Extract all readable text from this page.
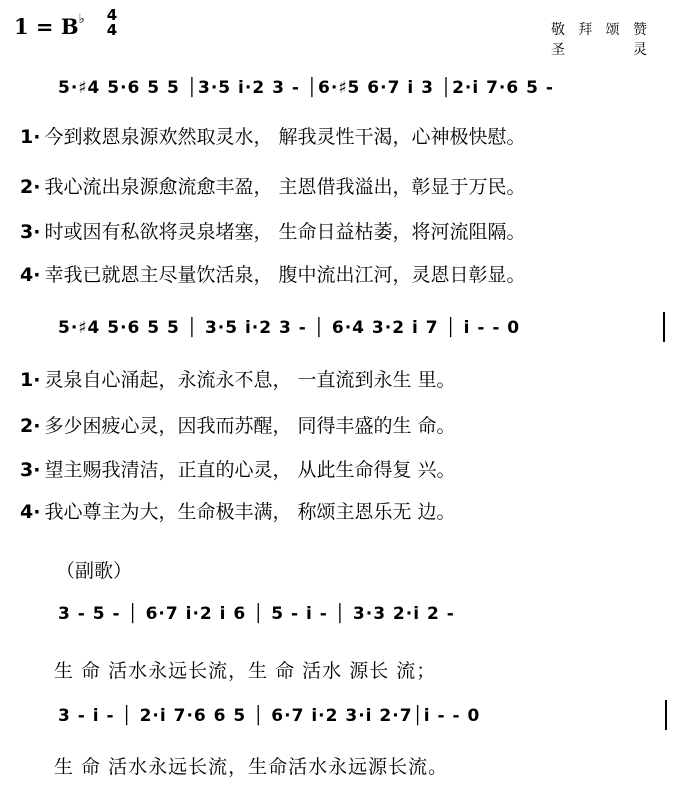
1 = B♭ 4
4	敬拜颂赞
圣 灵
5·♯4 5·6 5 5 │3·5 i·2 3 - │6·♯5 6·7 i 3 │2·i 7·6 5 -
1· 今到救恩泉源欢然取灵水， 解我灵性干渴，心神极快慰。
2· 我心流出泉源愈流愈丰盈， 主恩借我溢出，彰显于万民。
3· 时或因有私欲将灵泉堵塞， 生命日益枯萎，将河流阻隔。
4· 幸我已就恩主尽量饮活泉， 腹中流出江河，灵恩日彰显。
5·♯4 5·6 5 5 │ 3·5 i·2 3 - │ 6·4 3·2 i 7 │ i - - 0
1· 灵泉自心涌起，永流永不息， 一直流到永生 里。
2· 多少困疲心灵，因我而苏醒， 同得丰盛的生 命。
3· 望主赐我清洁，正直的心灵， 从此生命得复 兴。
4· 我心尊主为大，生命极丰满， 称颂主恩乐无 边。
（副歌）
3 - 5 - │ 6·7 i·2 i 6 │ 5 - i - │ 3·3 2·i 2 -
生 命 活水永远长流，生 命 活水 源长 流；
3 - i - │ 2·i 7·6 6 5 │ 6·7 i·2 3·i 2·7│i - - 0
生 命 活水永远长流，生命活水永远源长流。
